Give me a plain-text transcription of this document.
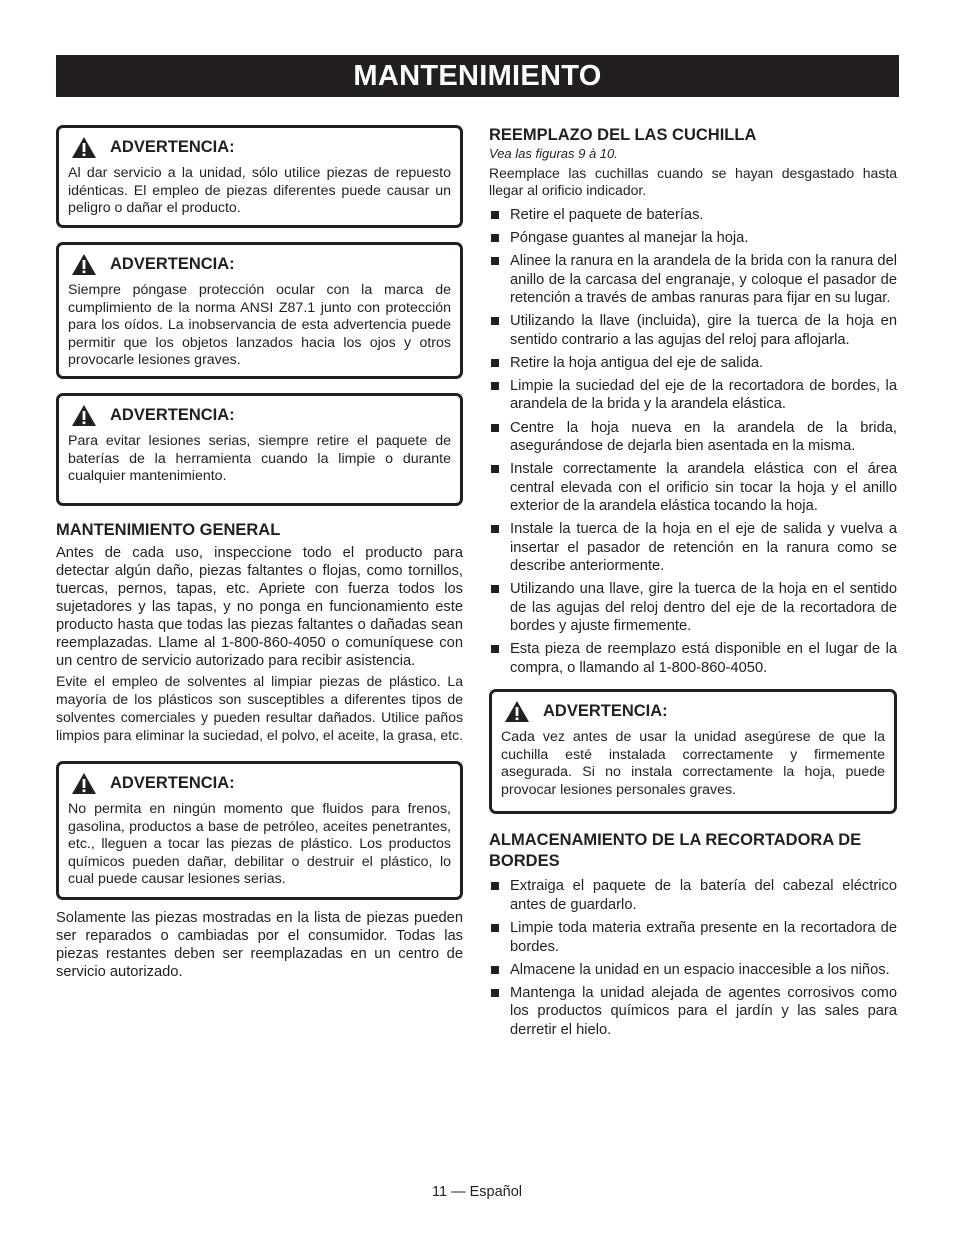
MANTENIMIENTO
ADVERTENCIA:

Al dar servicio a la unidad, sólo utilice piezas de repuesto idénticas. El empleo de piezas diferentes puede causar un peligro o dañar el producto.

ADVERTENCIA:

Siempre póngase protección ocular con la marca de cumplimiento de la norma ANSI Z87.1 junto con protección para los oídos. La inobservancia de esta advertencia puede permitir que los objetos lanzados hacia los ojos y otros provocarle lesiones graves.

ADVERTENCIA:

Para evitar lesiones serias, siempre retire el paquete de baterías de la herramienta cuando la limpie o durante cualquier mantenimiento.

MANTENIMIENTO GENERAL

Antes de cada uso, inspeccione todo el producto para detectar algún daño, piezas faltantes o flojas, como tornillos, tuercas, pernos, tapas, etc. Apriete con fuerza todos los sujetadores y las tapas, y no ponga en funcionamiento este producto hasta que todas las piezas faltantes o dañadas sean reemplazadas. Llame al 1-800-860-4050 o comuníquese con un centro de servicio autorizado para recibir asistencia.

Evite el empleo de solventes al limpiar piezas de plástico. La mayoría de los plásticos son susceptibles a diferentes tipos de solventes comerciales y pueden resultar dañados. Utilice paños limpios para eliminar la suciedad, el polvo, el aceite, la grasa, etc.

ADVERTENCIA:

No permita en ningún momento que fluidos para frenos, gasolina, productos a base de petróleo, aceites penetrantes, etc., lleguen a tocar las piezas de plástico. Los productos químicos pueden dañar, debilitar o destruir el plástico, lo cual puede causar lesiones serias.

Solamente las piezas mostradas en la lista de piezas pueden ser reparados o cambiadas por el consumidor. Todas las piezas restantes deben ser reemplazadas en un centro de servicio autorizado.

REEMPLAZO DEL LAS CUCHILLA

Vea las figuras 9 à 10.

Reemplace las cuchillas cuando se hayan desgastado hasta llegar al orificio indicador.

Retire el paquete de baterías.
Póngase guantes al manejar la hoja.
Alinee la ranura en la arandela de la brida con la ranura del anillo de la carcasa del engranaje, y coloque el pasador de retención a través de ambas ranuras para fijar en su lugar.
Utilizando la llave (incluida), gire la tuerca de la hoja en sentido contrario a las agujas del reloj para aflojarla.
Retire la hoja antigua del eje de salida.
Limpie la suciedad del eje de la recortadora de bordes, la arandela de la brida y la arandela elástica.
Centre la hoja nueva en la arandela de la brida, asegurándose de dejarla bien asentada en la misma.
Instale correctamente la arandela elástica con el área central elevada con el orificio sin tocar la hoja y el anillo exterior de la arandela elástica tocando la hoja.
Instale la tuerca de la hoja en el eje de salida y vuelva a insertar el pasador de retención en la ranura como se describe anteriormente.
Utilizando una llave, gire la tuerca de la hoja en el sentido de las agujas del reloj dentro del eje de la recortadora de bordes y ajuste firmemente.
Esta pieza de reemplazo está disponible en el lugar de la compra, o llamando al 1-800-860-4050.
ADVERTENCIA:

Cada vez antes de usar la unidad asegúrese de que la cuchilla esté instalada correctamente y firmemente asegurada. Si no instala correctamente la hoja, puede provocar lesiones personales graves.

ALMACENAMIENTO DE LA RECORTADORA DE BORDES
Extraiga el paquete de la batería del cabezal eléctrico antes de guardarlo.
Limpie toda materia extraña presente en la recortadora de bordes.
Almacene la unidad en un espacio inaccesible a los niños.
Mantenga la unidad alejada de agentes corrosivos como los productos químicos para el jardín y las sales para derretir el hielo.
11 — Español
